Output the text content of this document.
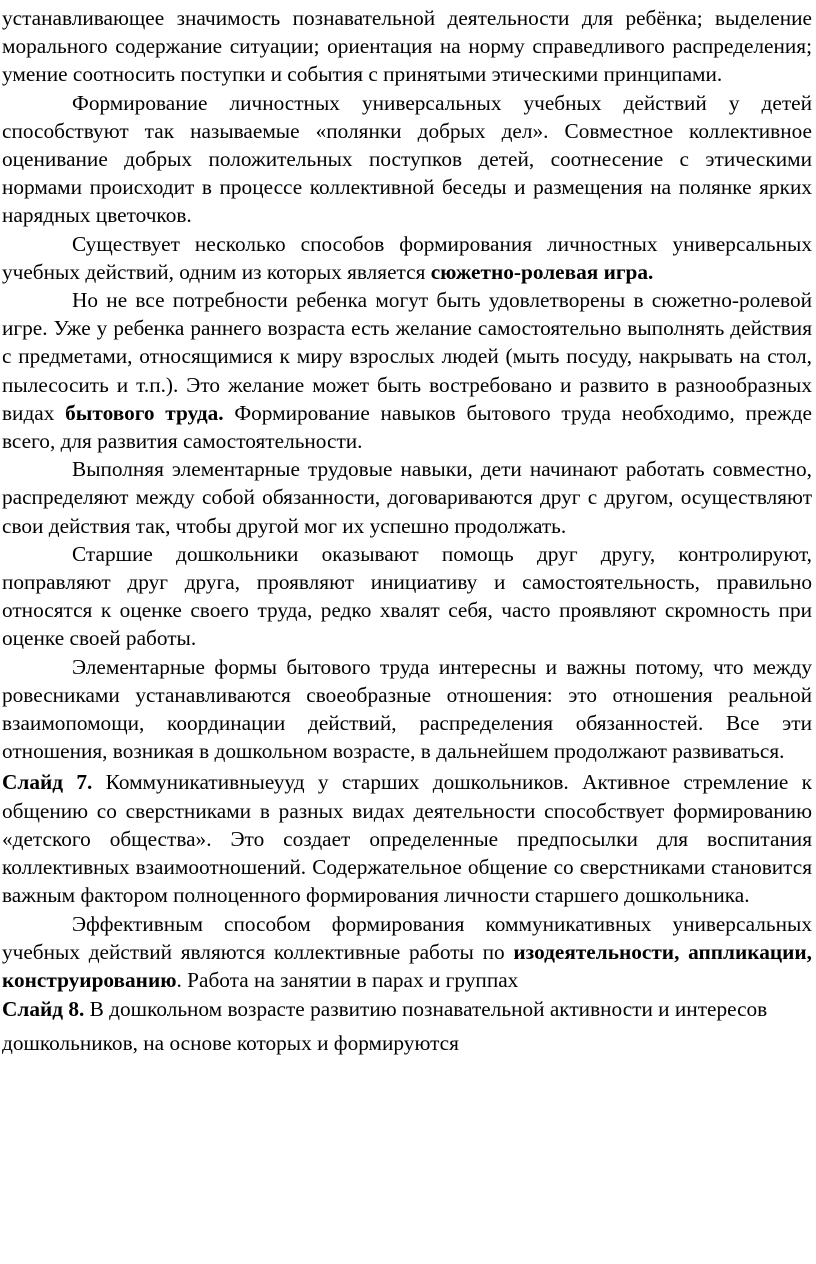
устанавливающее значимость познавательной деятельности для ребёнка; выделение морального содержание ситуации; ориентация на норму справедливого распределения; умение соотносить поступки и события с принятыми этическими принципами.

Формирование личностных универсальных учебных действий у детей способствуют так называемые «полянки добрых дел». Совместное коллективное оценивание добрых положительных поступков детей, соотнесение с этическими нормами происходит в процессе коллективной беседы и размещения на полянке ярких нарядных цветочков.

Существует несколько способов формирования личностных универсальных учебных действий, одним из которых является сюжетно-ролевая игра.

Но не все потребности ребенка могут быть удовлетворены в сюжетно-ролевой игре. Уже у ребенка раннего возраста есть желание самостоятельно выполнять действия с предметами, относящимися к миру взрослых людей (мыть посуду, накрывать на стол, пылесосить и т.п.). Это желание может быть востребовано и развито в разнообразных видах бытового труда. Формирование навыков бытового труда необходимо, прежде всего, для развития самостоятельности.

Выполняя элементарные трудовые навыки, дети начинают работать совместно, распределяют между собой обязанности, договариваются друг с другом, осуществляют свои действия так, чтобы другой мог их успешно продолжать.

Старшие дошкольники оказывают помощь друг другу, контролируют, поправляют друг друга, проявляют инициативу и самостоятельность, правильно относятся к оценке своего труда, редко хвалят себя, часто проявляют скромность при оценке своей работы.

Элементарные формы бытового труда интересны и важны потому, что между ровесниками устанавливаются своеобразные отношения: это отношения реальной взаимопомощи, координации действий, распределения обязанностей. Все эти отношения, возникая в дошкольном возрасте, в дальнейшем продолжают развиваться.

Слайд 7. Коммуникативныеууд у старших дошкольников. Активное стремление к общению со сверстниками в разных видах деятельности способствует формированию «детского общества». Это создает определенные предпосылки для воспитания коллективных взаимоотношений. Содержательное общение со сверстниками становится важным фактором полноценного формирования личности старшего дошкольника.

Эффективным способом формирования коммуникативных универсальных учебных действий являются коллективные работы по изодеятельности, аппликации, конструированию. Работа на занятии в парах и группах

Слайд 8. В дошкольном возрасте развитию познавательной активности и интересов дошкольников, на основе которых и формируются
